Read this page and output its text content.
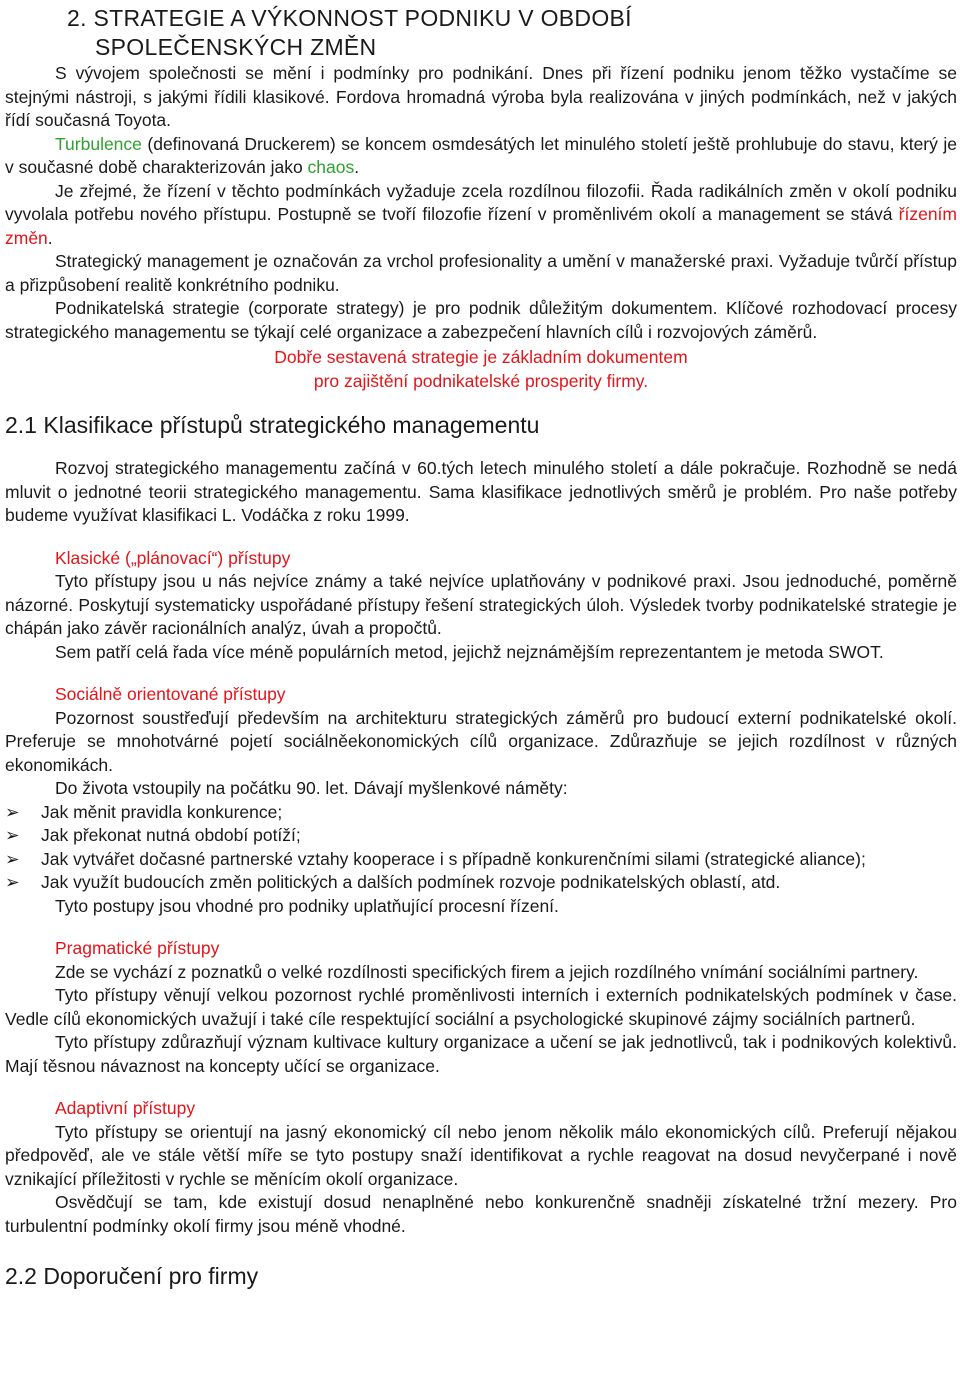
2. STRATEGIE A VÝKONNOST PODNIKU V OBDOBÍ
SPOLEČENSKÝCH ZMĚN

S vývojem společnosti se mění i podmínky pro podnikání. Dnes při řízení podniku jenom těžko vystačíme se stejnými nástroji, s jakými řídili klasikové. Fordova hromadná výroba byla realizována v jiných podmínkách, než v jakých řídí současná Toyota.

Turbulence (definovaná Druckerem) se koncem osmdesátých let minulého století ještě prohlubuje do stavu, který je v současné době charakterizován jako chaos.

Je zřejmé, že řízení v těchto podmínkách vyžaduje zcela rozdílnou filozofii. Řada radikálních změn v okolí podniku vyvolala potřebu nového přístupu. Postupně se tvoří filozofie řízení v proměnlivém okolí a management se stává řízením změn.

Strategický management je označován za vrchol profesionality a umění v manažerské praxi. Vyžaduje tvůrčí přístup a přizpůsobení realitě konkrétního podniku.

Podnikatelská strategie (corporate strategy) je pro podnik důležitým dokumentem. Klíčové rozhodovací procesy strategického managementu se týkají celé organizace a zabezpečení hlavních cílů i rozvojových záměrů.

Dobře sestavená strategie je základním dokumentem

pro zajištění podnikatelské prosperity firmy.

2.1 Klasifikace přístupů strategického managementu

Rozvoj strategického managementu začíná v 60.tých letech minulého století a dále pokračuje. Rozhodně se nedá mluvit o jednotné teorii strategického managementu. Sama klasifikace jednotlivých směrů je problém. Pro naše potřeby budeme využívat klasifikaci L. Vodáčka z roku 1999.

Klasické („plánovací“) přístupy

Tyto přístupy jsou u nás nejvíce známy a také nejvíce uplatňovány v podnikové praxi. Jsou jednoduché, poměrně názorné. Poskytují systematicky uspořádané přístupy řešení strategických úloh. Výsledek tvorby podnikatelské strategie je chápán jako závěr racionálních analýz, úvah a propočtů.

Sem patří celá řada více méně populárních metod, jejichž nejznámějším reprezentantem je metoda SWOT.

Sociálně orientované přístupy

Pozornost soustřeďují především na architekturu strategických záměrů pro budoucí externí podnikatelské okolí. Preferuje se mnohotvárné pojetí sociálněekonomických cílů organizace. Zdůrazňuje se jejich rozdílnost v různých ekonomikách.

Do života vstoupily na počátku 90. let. Dávají myšlenkové náměty:

➢	Jak měnit pravidla konkurence;
➢	Jak překonat nutná období potíží;
➢	Jak vytvářet dočasné partnerské vztahy kooperace i s případně konkurenčními silami (strategické aliance);
➢	Jak využít budoucích změn politických a dalších podmínek rozvoje podnikatelských oblastí, atd.

Tyto postupy jsou vhodné pro podniky uplatňující procesní řízení.

Pragmatické přístupy

Zde se vychází z poznatků o velké rozdílnosti specifických firem a jejich rozdílného vnímání sociálními partnery.

Tyto přístupy věnují velkou pozornost rychlé proměnlivosti interních i externích podnikatelských podmínek v čase. Vedle cílů ekonomických uvažují i také cíle respektující sociální a psychologické skupinové zájmy sociálních partnerů.

Tyto přístupy zdůrazňují význam kultivace kultury organizace a učení se jak jednotlivců, tak i podnikových kolektivů. Mají těsnou návaznost na koncepty učící se organizace.

Adaptivní přístupy

Tyto přístupy se orientují na jasný ekonomický cíl nebo jenom několik málo ekonomických cílů. Preferují nějakou předpověď, ale ve stále větší míře se tyto postupy snaží identifikovat a rychle reagovat na dosud nevyčerpané i nově vznikající příležitosti v rychle se měnícím okolí organizace.

Osvědčují se tam, kde existují dosud nenaplněné nebo konkurenčně snadněji získatelné tržní mezery. Pro turbulentní podmínky okolí firmy jsou méně vhodné.

2.2 Doporučení pro firmy
